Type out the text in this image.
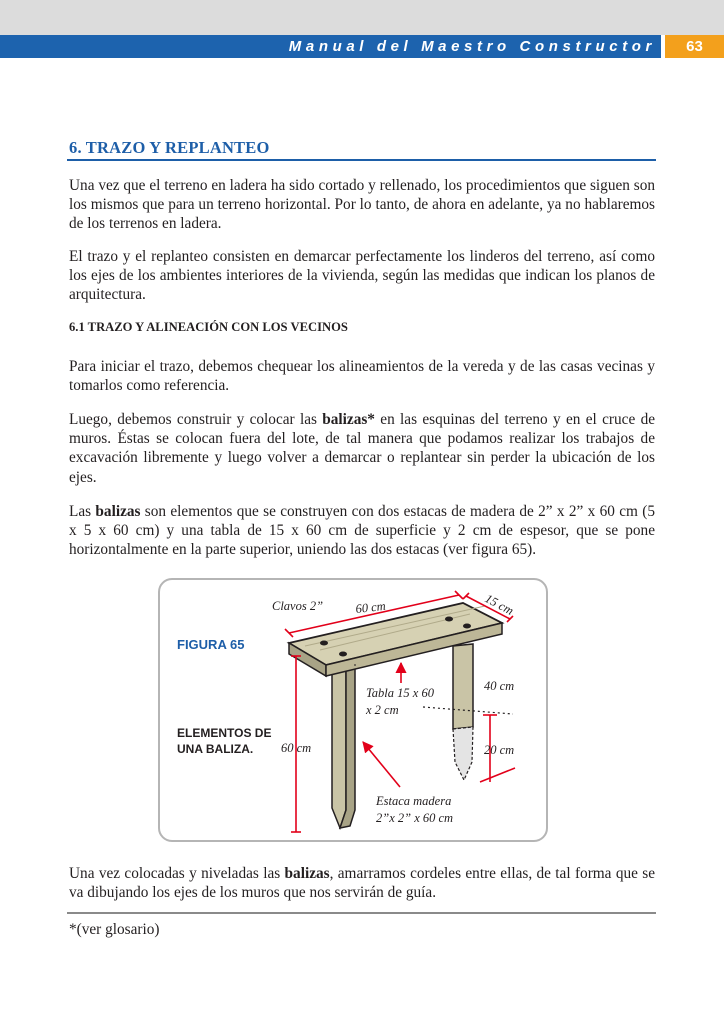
Manual del Maestro Constructor	63
6. TRAZO Y REPLANTEO

Una vez que el terreno en ladera ha sido cortado y rellenado, los procedimientos que siguen son los mismos que para un terreno horizontal. Por lo tanto, de ahora en adelante, ya no hablaremos de los terrenos en ladera.

El trazo y el replanteo consisten en demarcar perfectamente los linderos del terreno, así como los ejes de los ambientes interiores de la vivienda, según las medidas que indican los planos de arquitectura.

6.1 TRAZO Y ALINEACIÓN CON LOS VECINOS

Para iniciar el trazo, debemos chequear los alineamientos de la vereda y de las casas vecinas y tomarlos como referencia.

Luego, debemos construir y colocar las balizas* en las esquinas del terreno y en el cruce de muros. Éstas se colocan fuera del lote, de tal manera que podamos realizar los trabajos de excavación libremente y luego volver a demarcar o replantear sin perder la ubicación de los ejes.

Las balizas son elementos que se construyen con dos estacas de madera de 2” x 2” x 60 cm (5 x 5 x 60 cm) y una tabla de 15 x 60 cm de superficie y 2 cm de espesor, que se pone horizontalmente en la parte superior, uniendo las dos estacas (ver figura 65).

FIGURA 65
ELEMENTOS DE
UNA BALIZA.
Clavos 2”	60 cm	15 cm
Tabla 15 x 60
x 2 cm
40 cm
60 cm	20 cm
Estaca madera
2”x 2” x 60 cm

Una vez colocadas y niveladas las balizas, amarramos cordeles entre ellas, de tal forma que se va dibujando los ejes de los muros que nos servirán de guía.

*(ver glosario)
